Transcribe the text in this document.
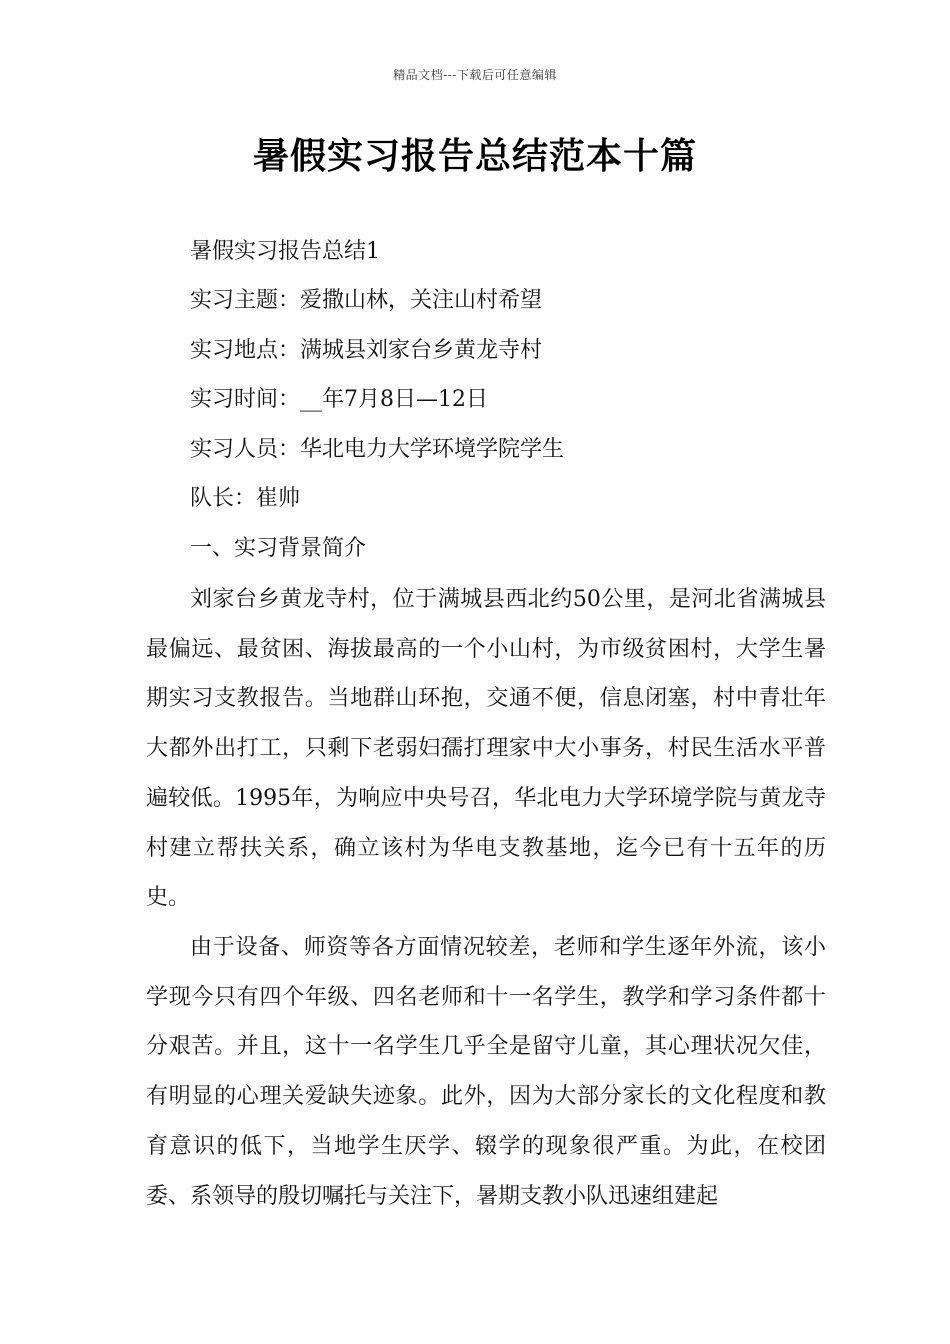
精品文档---下载后可任意编辑
暑假实习报告总结范本十篇
暑假实习报告总结1
实习主题：爱撒山林，关注山村希望
实习地点：满城县刘家台乡黄龙寺村
实习时间：__年7月8日—12日
实习人员：华北电力大学环境学院学生
队长：崔帅
一、实习背景简介

刘家台乡黄龙寺村，位于满城县西北约50公里，是河北省满城县最偏远、最贫困、海拔最高的一个小山村，为市级贫困村，大学生暑期实习支教报告。当地群山环抱，交通不便，信息闭塞，村中青壮年大都外出打工，只剩下老弱妇孺打理家中大小事务，村民生活水平普遍较低。1995年，为响应中央号召，华北电力大学环境学院与黄龙寺村建立帮扶关系，确立该村为华电支教基地，迄今已有十五年的历史。

由于设备、师资等各方面情况较差，老师和学生逐年外流，该小学现今只有四个年级、四名老师和十一名学生，教学和学习条件都十分艰苦。并且，这十一名学生几乎全是留守儿童，其心理状况欠佳，有明显的心理关爱缺失迹象。此外，因为大部分家长的文化程度和教育意识的低下，当地学生厌学、辍学的现象很严重。为此，在校团委、系领导的殷切嘱托与关注下，暑期支教小队迅速组建起
